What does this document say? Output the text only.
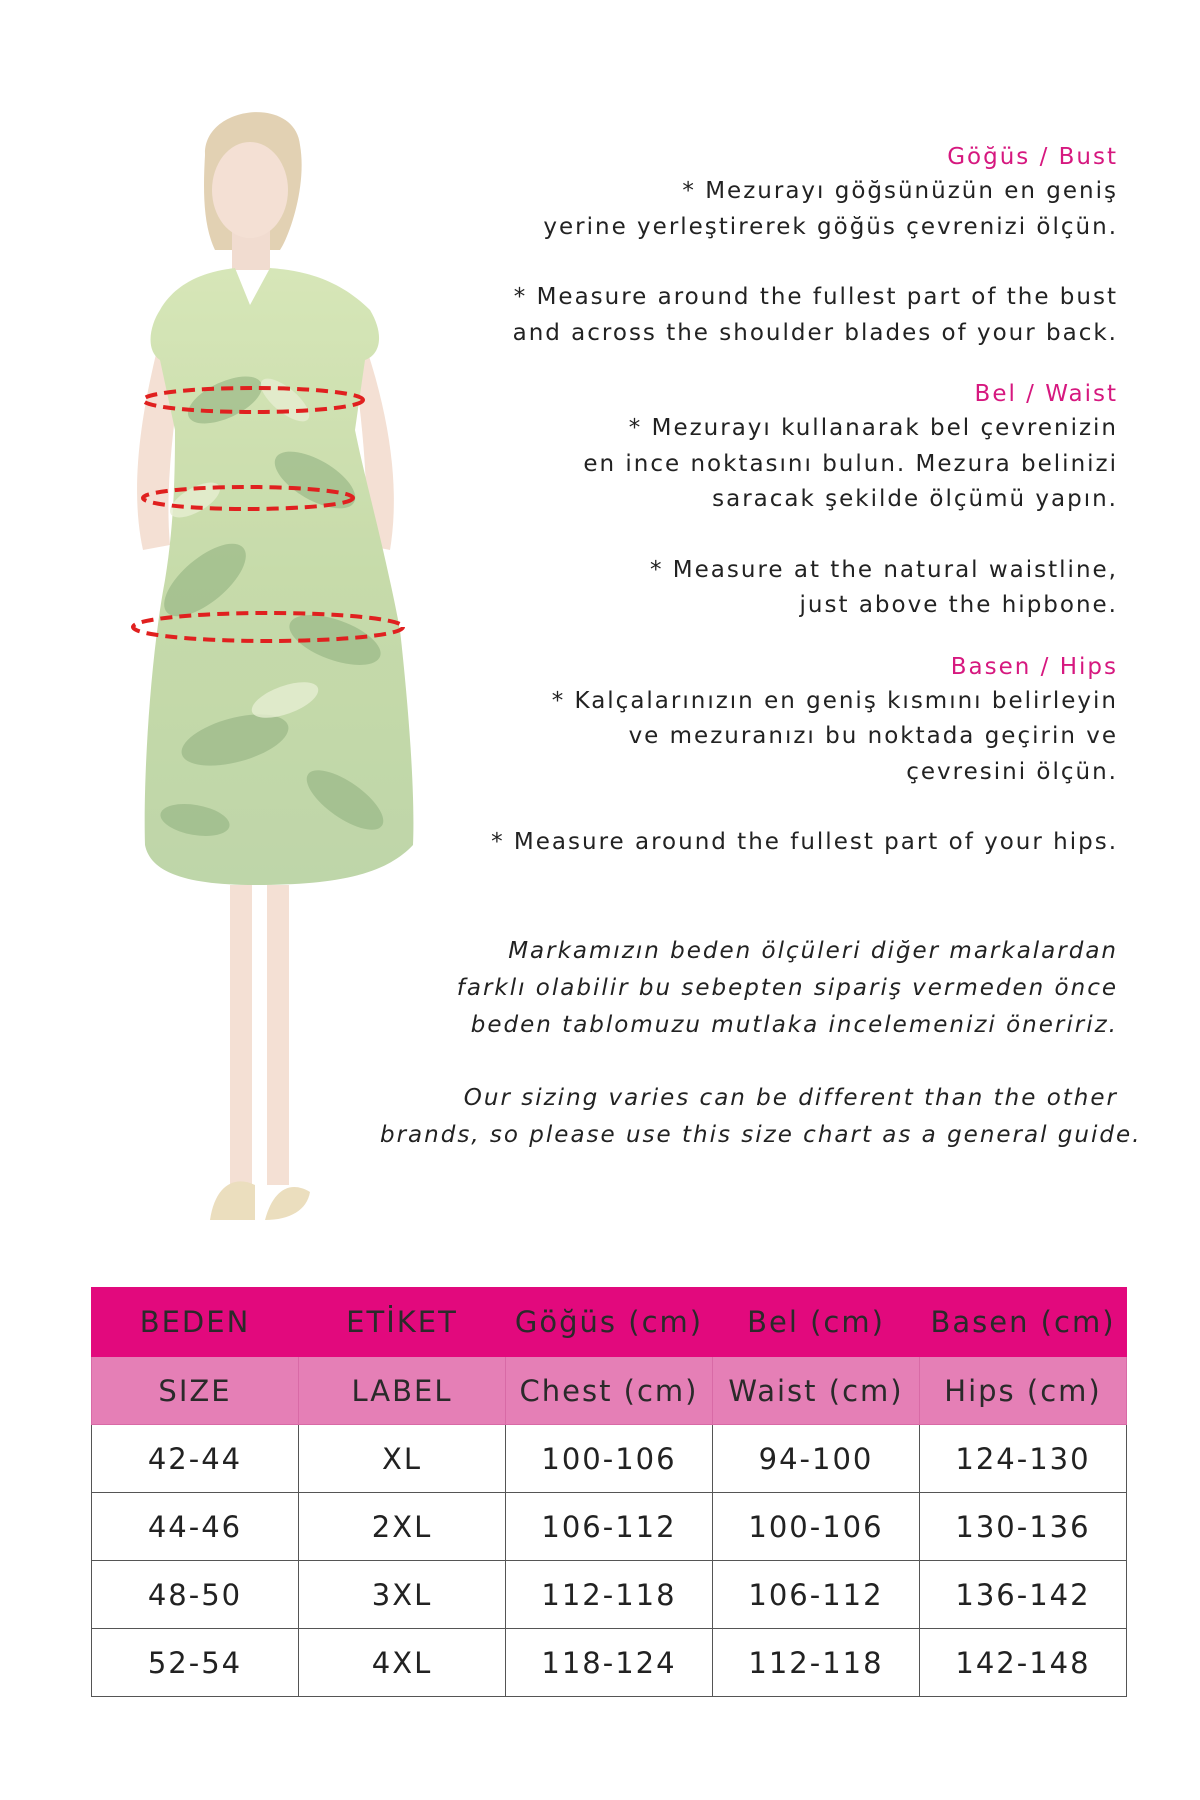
Göğüs / Bust

* Mezurayı göğsünüzün en geniş

yerine yerleştirerek göğüs çevrenizi ölçün.

* Measure around the fullest part of the bust

and across the shoulder blades of your back.

Bel / Waist

* Mezurayı kullanarak bel çevrenizin

en ince noktasını bulun. Mezura belinizi

saracak şekilde ölçümü yapın.

* Measure at the natural waistline,

just above the hipbone.

Basen / Hips

* Kalçalarınızın en geniş kısmını belirleyin

ve mezuranızı bu noktada geçirin ve

çevresini ölçün.

* Measure around the fullest part of your hips.

Markamızın beden ölçüleri diğer markalardan

farklı olabilir bu sebepten sipariş vermeden önce

beden tablomuzu mutlaka incelemenizi öneririz.

Our sizing varies can be different than the other

brands, so please use this size chart as a general guide.

BEDEN	ETİKET	Göğüs (cm)	Bel (cm)	Basen (cm)
SIZE	LABEL	Chest (cm)	Waist (cm)	Hips (cm)
42-44	XL	100-106	94-100	124-130
44-46	2XL	106-112	100-106	130-136
48-50	3XL	112-118	106-112	136-142
52-54	4XL	118-124	112-118	142-148
